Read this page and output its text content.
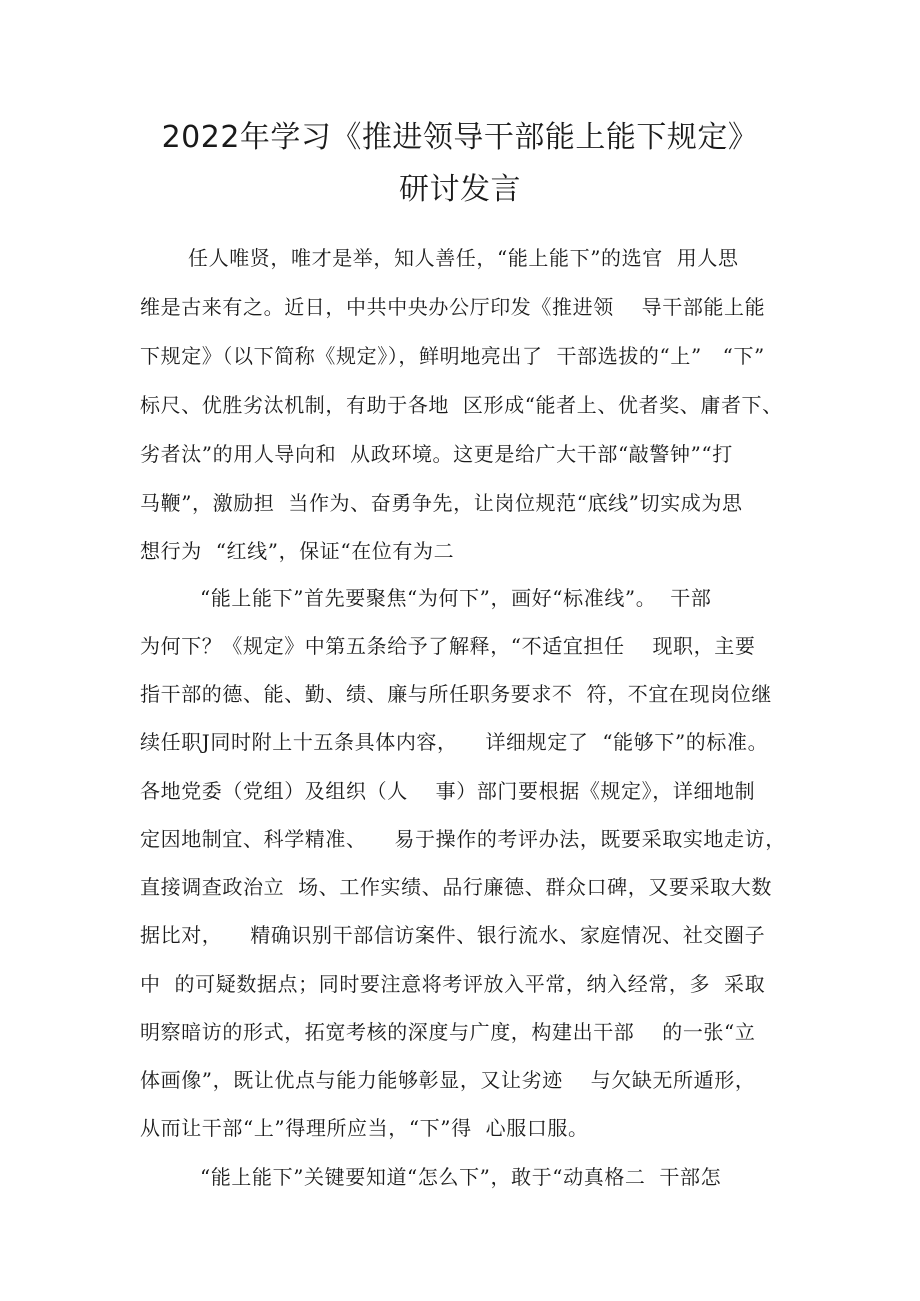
2022年学习《推进领导干部能上能下规定》
研讨发言
任人唯贤，唯才是举，知人善任，“能上能下”的选官  用人思
维是古来有之。近日，中共中央办公厅印发《推进领    导干部能上能
下规定》（以下简称《规定》），鲜明地亮出了  干部选拔的“上”   “下”
标尺、优胜劣汰机制，有助于各地  区形成“能者上、优者奖、庸者下、
劣者汰”的用人导向和  从政环境。这更是给广大干部“敲警钟”“打
马鞭”，激励担  当作为、奋勇争先，让岗位规范“底线”切实成为思
想行为  “红线”，保证“在位有为二
“能上能下”首先要聚焦“为何下”，画好“标准线”。  干部
为何下？《规定》中第五条给予了解释，“不适宜担任    现职，主要
指干部的德、能、勤、绩、廉与所任职务要求不  符，不宜在现岗位继
续任职J同时附上十五条具体内容，    详细规定了  “能够下”的标准。
各地党委（党组）及组织（人    事）部门要根据《规定》，详细地制
定因地制宜、科学精准、    易于操作的考评办法，既要采取实地走访，
直接调查政治立  场、工作实绩、品行廉德、群众口碑，又要采取大数
据比对，    精确识别干部信访案件、银行流水、家庭情况、社交圈子
中  的可疑数据点；同时要注意将考评放入平常，纳入经常，多  采取
明察暗访的形式，拓宽考核的深度与广度，构建出干部    的一张“立
体画像”，既让优点与能力能够彰显，又让劣迹    与欠缺无所遁形，
从而让干部“上”得理所应当，“下”得  心服口服。
“能上能下”关键要知道“怎么下”，敢于“动真格二  干部怎
